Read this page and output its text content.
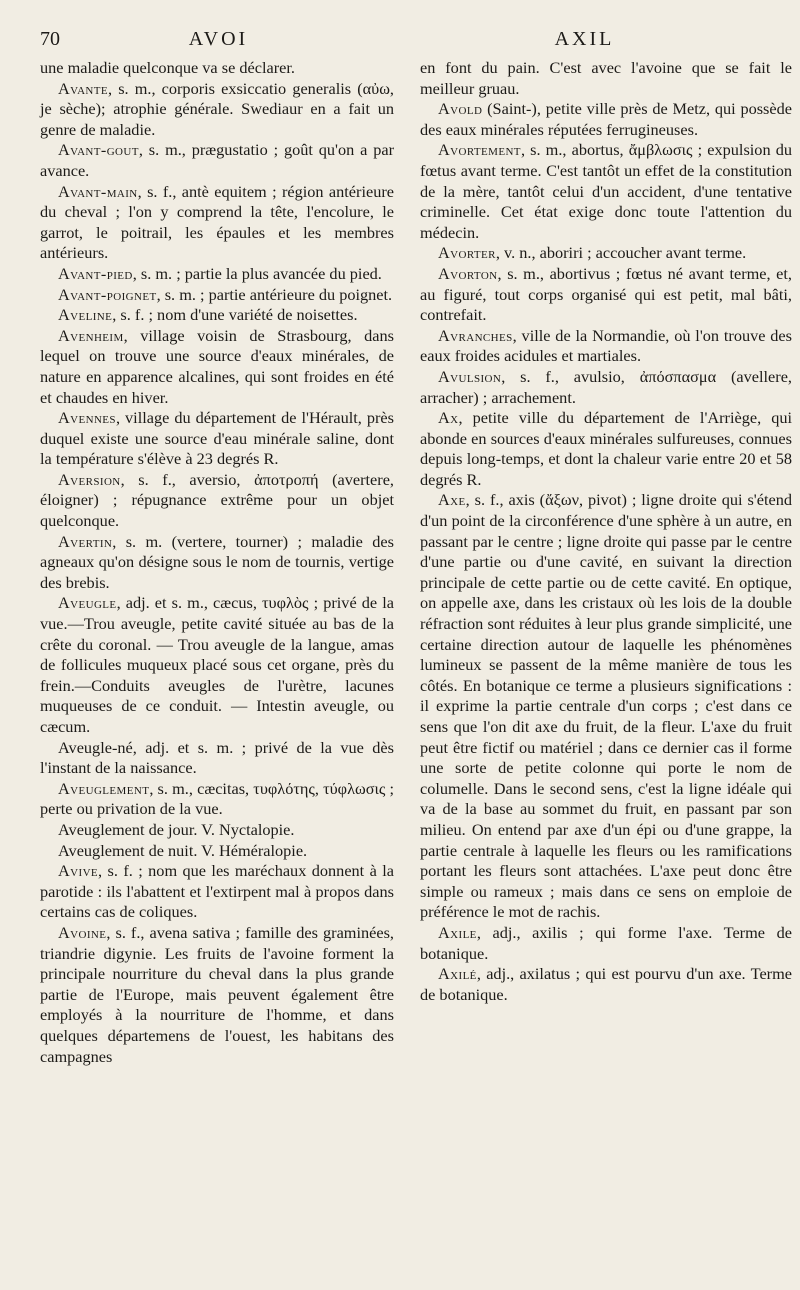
70	AVOI	AXIL

une maladie quelconque va se déclarer.

Avante, s. m., corporis exsiccatio generalis (αὐω, je sèche); atrophie générale. Swediaur en a fait un genre de maladie.

Avant-gout, s. m., prægustatio ; goût qu'on a par avance.

Avant-main, s. f., antè equitem ; région antérieure du cheval ; l'on y comprend la tête, l'encolure, le garrot, le poitrail, les épaules et les membres antérieurs.

Avant-pied, s. m. ; partie la plus avancée du pied.

Avant-poignet, s. m. ; partie antérieure du poignet.

Aveline, s. f. ; nom d'une variété de noisettes.

Avenheim, village voisin de Strasbourg, dans lequel on trouve une source d'eaux minérales, de nature en apparence alcalines, qui sont froides en été et chaudes en hiver.

Avennes, village du département de l'Hérault, près duquel existe une source d'eau minérale saline, dont la température s'élève à 23 degrés R.

Aversion, s. f., aversio, ἀποτροπή (avertere, éloigner) ; répugnance extrême pour un objet quelconque.

Avertin, s. m. (vertere, tourner) ; maladie des agneaux qu'on désigne sous le nom de tournis, vertige des brebis.

Aveugle, adj. et s. m., cæcus, τυφλὸς ; privé de la vue.—Trou aveugle, petite cavité située au bas de la crête du coronal. — Trou aveugle de la langue, amas de follicules muqueux placé sous cet organe, près du frein.—Conduits aveugles de l'urètre, lacunes muqueuses de ce conduit. — Intestin aveugle, ou cæcum.

Aveugle-né, adj. et s. m. ; privé de la vue dès l'instant de la naissance.

Aveuglement, s. m., cæcitas, τυφλότης, τύφλωσις ; perte ou privation de la vue.

Aveuglement de jour. V. Nyctalopie.

Aveuglement de nuit. V. Héméralopie.

Avive, s. f. ; nom que les maréchaux donnent à la parotide : ils l'abattent et l'extirpent mal à propos dans certains cas de coliques.

Avoine, s. f., avena sativa ; famille des graminées, triandrie digynie. Les fruits de l'avoine forment la principale nourriture du cheval dans la plus grande partie de l'Europe, mais peuvent également être employés à la nourriture de l'homme, et dans quelques départemens de l'ouest, les habitans des campagnes

en font du pain. C'est avec l'avoine que se fait le meilleur gruau.

Avold (Saint-), petite ville près de Metz, qui possède des eaux minérales réputées ferrugineuses.

Avortement, s. m., abortus, ἄμβλωσις ; expulsion du fœtus avant terme. C'est tantôt un effet de la constitution de la mère, tantôt celui d'un accident, d'une tentative criminelle. Cet état exige donc toute l'attention du médecin.

Avorter, v. n., aboriri ; accoucher avant terme.

Avorton, s. m., abortivus ; fœtus né avant terme, et, au figuré, tout corps organisé qui est petit, mal bâti, contrefait.

Avranches, ville de la Normandie, où l'on trouve des eaux froides acidules et martiales.

Avulsion, s. f., avulsio, ἀπόσπασμα (avellere, arracher) ; arrachement.

Ax, petite ville du département de l'Arriège, qui abonde en sources d'eaux minérales sulfureuses, connues depuis long-temps, et dont la chaleur varie entre 20 et 58 degrés R.

Axe, s. f., axis (ἄξων, pivot) ; ligne droite qui s'étend d'un point de la circonférence d'une sphère à un autre, en passant par le centre ; ligne droite qui passe par le centre d'une partie ou d'une cavité, en suivant la direction principale de cette partie ou de cette cavité. En optique, on appelle axe, dans les cristaux où les lois de la double réfraction sont réduites à leur plus grande simplicité, une certaine direction autour de laquelle les phénomènes lumineux se passent de la même manière de tous les côtés. En botanique ce terme a plusieurs significations : il exprime la partie centrale d'un corps ; c'est dans ce sens que l'on dit axe du fruit, de la fleur. L'axe du fruit peut être fictif ou matériel ; dans ce dernier cas il forme une sorte de petite colonne qui porte le nom de columelle. Dans le second sens, c'est la ligne idéale qui va de la base au sommet du fruit, en passant par son milieu. On entend par axe d'un épi ou d'une grappe, la partie centrale à laquelle les fleurs ou les ramifications portant les fleurs sont attachées. L'axe peut donc être simple ou rameux ; mais dans ce sens on emploie de préférence le mot de rachis.

Axile, adj., axilis ; qui forme l'axe. Terme de botanique.

Axilé, adj., axilatus ; qui est pourvu d'un axe. Terme de botanique.
